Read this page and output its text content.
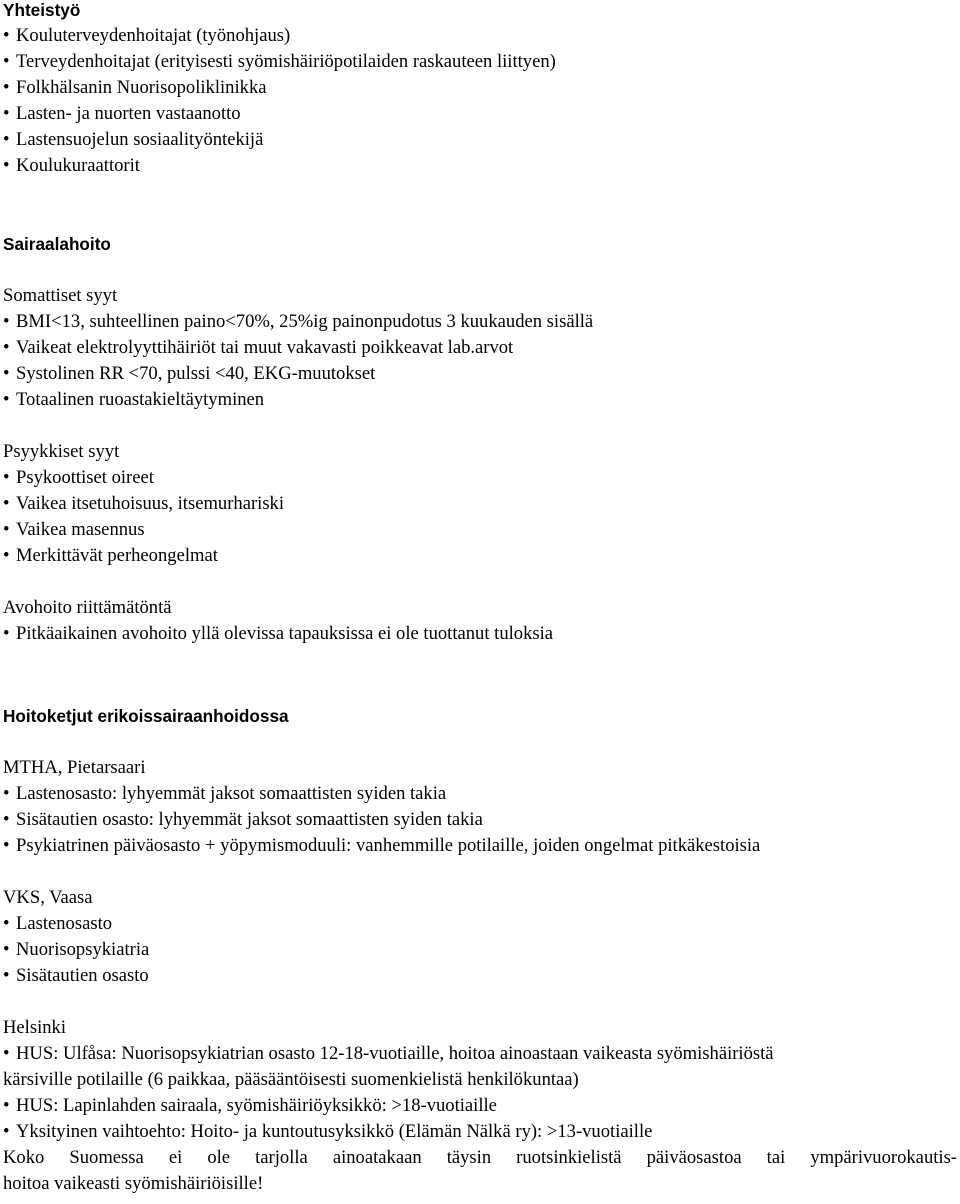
Yhteistyö
• Kouluterveydenhoitajat (työnohjaus)
• Terveydenhoitajat (erityisesti syömishäiriöpotilaiden raskauteen liittyen)
• Folkhälsanin Nuorisopoliklinikka
• Lasten- ja nuorten vastaanotto
• Lastensuojelun sosiaalityöntekijä
• Koulukuraattorit
Sairaalahoito
Somattiset syyt
• BMI<13, suhteellinen paino<70%, 25%ig painonpudotus 3 kuukauden sisällä
• Vaikeat elektrolyyttihäiriöt tai muut vakavasti poikkeavat lab.arvot
• Systolinen RR <70, pulssi <40, EKG-muutokset
• Totaalinen ruoastakieltäytyminen
Psyykkiset syyt
• Psykoottiset oireet
• Vaikea itsetuhoisuus, itsemurhariski
• Vaikea masennus
• Merkittävät perheongelmat
Avohoito riittämätöntä
• Pitkäaikainen avohoito yllä olevissa tapauksissa ei ole tuottanut tuloksia
Hoitoketjut erikoissairaanhoidossa
MTHA, Pietarsaari
• Lastenosasto: lyhyemmät jaksot somaattisten syiden takia
• Sisätautien osasto: lyhyemmät jaksot somaattisten syiden takia
• Psykiatrinen päiväosasto + yöpymismoduuli: vanhemmille potilaille, joiden ongelmat pitkäkestoisia
VKS, Vaasa
• Lastenosasto
• Nuorisopsykiatria
• Sisätautien osasto
Helsinki
• HUS: Ulfåsa: Nuorisopsykiatrian osasto 12-18-vuotiaille, hoitoa ainoastaan vaikeasta syömishäiriöstä
kärsiville potilaille (6 paikkaa, pääsääntöisesti suomenkielistä henkilökuntaa)
• HUS: Lapinlahden sairaala, syömishäiriöyksikkö: >18-vuotiaille
• Yksityinen vaihtoehto: Hoito- ja kuntoutusyksikkö (Elämän Nälkä ry): >13-vuotiaille
Koko Suomessa ei ole tarjolla ainoatakaan täysin ruotsinkielistä päiväosastoa tai ympärivuorokautis-
hoitoa vaikeasti syömishäiriöisille!
